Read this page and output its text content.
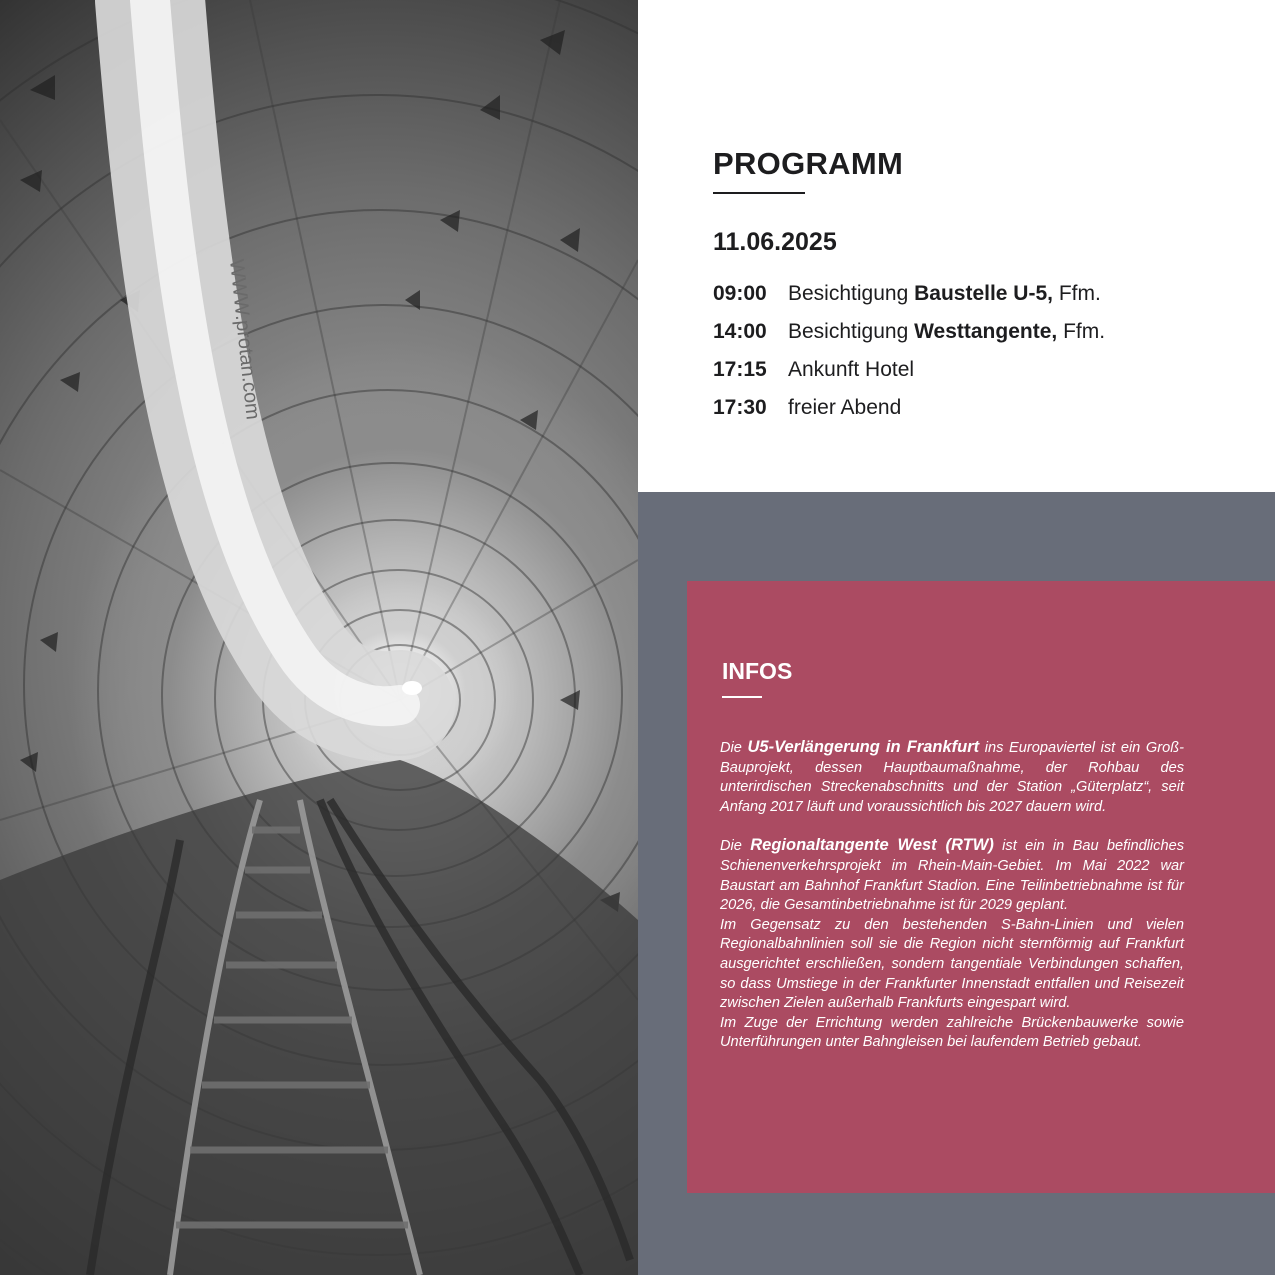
WWW.protan.com
PROGRAMM
11.06.2025
09:00 Besichtigung Baustelle U-5, Ffm.
14:00 Besichtigung Westtangente, Ffm.
17:15 Ankunft Hotel
17:30 freier Abend
INFOS

Die U5-Verlängerung in Frankfurt ins Europaviertel ist ein Groß-Bauprojekt, dessen Hauptbaumaßnahme, der Rohbau des unterirdischen Streckenabschnitts und der Station „Güterplatz“, seit Anfang 2017 läuft und voraussichtlich bis 2027 dauern wird.

Die Regionaltangente West (RTW) ist ein in Bau befindliches Schienenverkehrsprojekt im Rhein-Main-Gebiet. Im Mai 2022 war Baustart am Bahnhof Frankfurt Stadion. Eine Teilinbetriebnahme ist für 2026, die Gesamtinbetriebnahme ist für 2029 geplant.

Im Gegensatz zu den bestehenden S-Bahn-Linien und vielen Regionalbahnlinien soll sie die Region nicht sternförmig auf Frankfurt ausgerichtet erschließen, sondern tangentiale Verbindungen schaffen, so dass Umstiege in der Frankfurter Innenstadt entfallen und Reisezeit zwischen Zielen außerhalb Frankfurts eingespart wird.

Im Zuge der Errichtung werden zahlreiche Brückenbauwerke sowie Unterführungen unter Bahngleisen bei laufendem Betrieb gebaut.
